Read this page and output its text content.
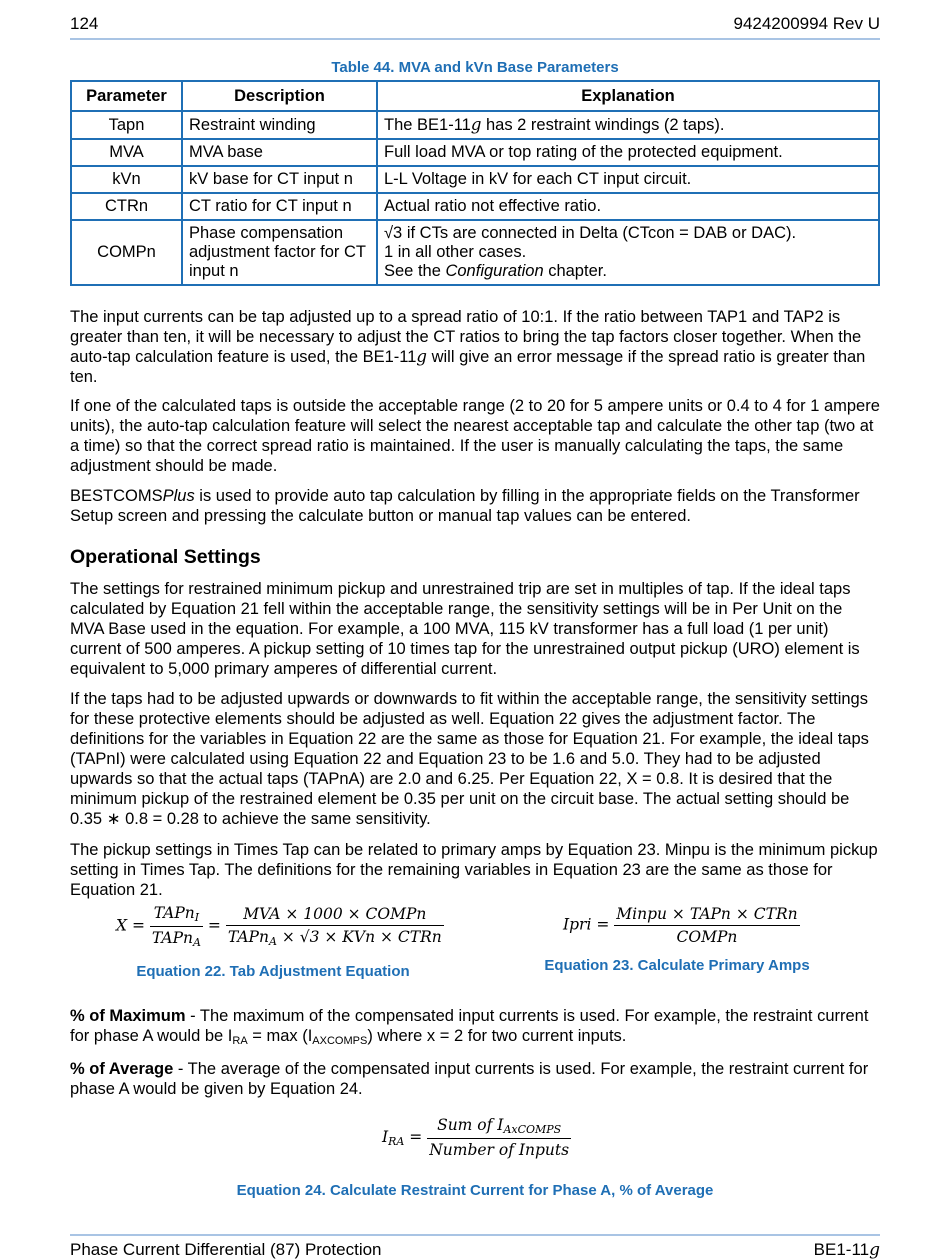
124	9424200994 Rev U
Table 44. MVA and kVn Base Parameters
Parameter	Description	Explanation
Tapn	Restraint winding	The BE1-11g has 2 restraint windings (2 taps).
MVA	MVA base	Full load MVA or top rating of the protected equipment.
kVn	kV base for CT input n	L-L Voltage in kV for each CT input circuit.
CTRn	CT ratio for CT input n	Actual ratio not effective ratio.
COMPn	Phase compensation adjustment factor for CT input n	√3 if CTs are connected in Delta (CTcon = DAB or DAC).
1 in all other cases.
See the Configuration chapter.
The input currents can be tap adjusted up to a spread ratio of 10:1. If the ratio between TAP1 and TAP2 is greater than ten, it will be necessary to adjust the CT ratios to bring the tap factors closer together. When the auto-tap calculation feature is used, the BE1-11g will give an error message if the spread ratio is greater than ten.
If one of the calculated taps is outside the acceptable range (2 to 20 for 5 ampere units or 0.4 to 4 for 1 ampere units), the auto-tap calculation feature will select the nearest acceptable tap and calculate the other tap (two at a time) so that the correct spread ratio is maintained. If the user is manually calculating the taps, the same adjustment should be made.
BESTCOMSPlus is used to provide auto tap calculation by filling in the appropriate fields on the Transformer Setup screen and pressing the calculate button or manual tap values can be entered.
Operational Settings
The settings for restrained minimum pickup and unrestrained trip are set in multiples of tap. If the ideal taps calculated by Equation 21 fell within the acceptable range, the sensitivity settings will be in Per Unit on the MVA Base used in the equation. For example, a 100 MVA, 115 kV transformer has a full load (1 per unit) current of 500 amperes. A pickup setting of 10 times tap for the unrestrained output pickup (URO) element is equivalent to 5,000 primary amperes of differential current.
If the taps had to be adjusted upwards or downwards to fit within the acceptable range, the sensitivity settings for these protective elements should be adjusted as well. Equation 22 gives the adjustment factor. The definitions for the variables in Equation 22 are the same as those for Equation 21. For example, the ideal taps (TAPnI) were calculated using Equation 22 and Equation 23 to be 1.6 and 5.0. They had to be adjusted upwards so that the actual taps (TAPnA) are 2.0 and 6.25. Per Equation 22, X = 0.8. It is desired that the minimum pickup of the restrained element be 0.35 per unit on the circuit base. The actual setting should be 0.35 ∗ 0.8 = 0.28 to achieve the same sensitivity.
The pickup settings in Times Tap can be related to primary amps by Equation 23. Minpu is the minimum pickup setting in Times Tap. The definitions for the remaining variables in Equation 23 are the same as those for Equation 21.
$X = \frac{TAPn_I}{TAPn_A} = \frac{\text{MVA × 1000 × COMPn}}{TAPn_A \times √3 \times KVn \times CTRn}$
Equation 22. Tab Adjustment Equation
Ipri = $\frac{\text{Minpu × TAPn × CTRn}}{\text{COMPn}}$
Equation 23. Calculate Primary Amps
% of Maximum - The maximum of the compensated input currents is used. For example, the restraint current for phase A would be $I_{RA} = \max (I_{AXCOMPS})$ where x = 2 for two current inputs.
% of Average - The average of the compensated input currents is used. For example, the restraint current for phase A would be given by Equation 24.
$I_{RA} = \frac{Sum of I_{AxCOMPS}}{\text{Number of Inputs}}$
Equation 24. Calculate Restraint Current for Phase A, % of Average
Phase Current Differential (87) Protection	BE1-11g
